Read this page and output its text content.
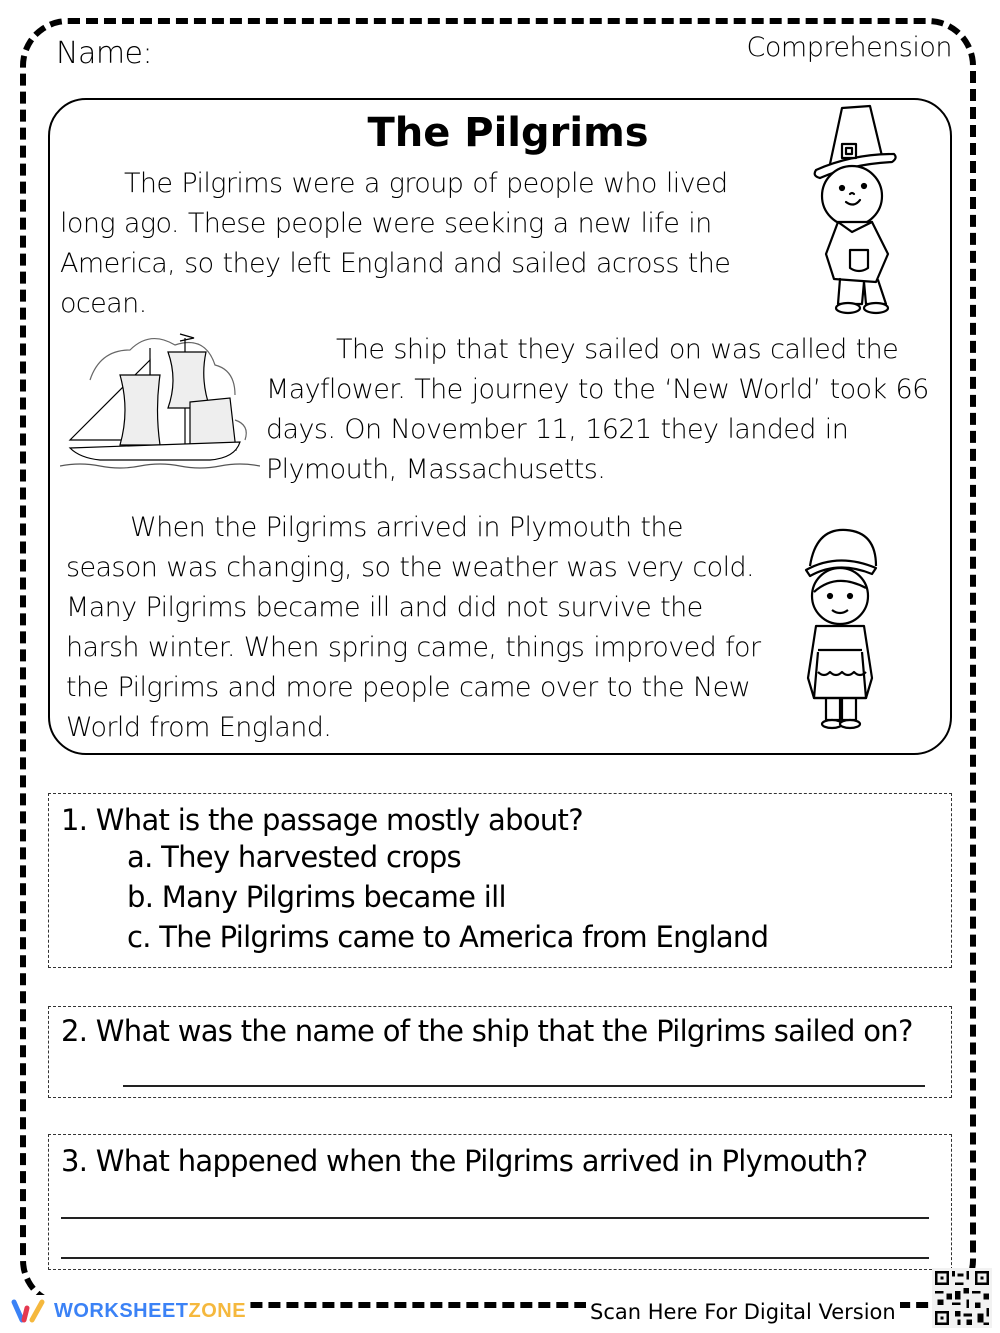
Name:	Comprehension
The Pilgrims
The Pilgrims were a group of people who lived long ago. These people were seeking a new life in America, so they left England and sailed across the ocean.
The ship that they sailed on was called the Mayflower. The journey to the ‘New World’ took 66 days. On November 11, 1621 they landed in Plymouth, Massachusetts.
When the Pilgrims arrived in Plymouth the season was changing, so the weather was very cold. Many Pilgrims became ill and did not survive the harsh winter. When spring came, things improved for the Pilgrims and more people came over to the New World from England.
1. What is the passage mostly about?
a. They harvested crops
b. Many Pilgrims became ill
c. The Pilgrims came to America from England
2. What was the name of the ship that the Pilgrims sailed on?
3. What happened when the Pilgrims arrived in Plymouth?
WORKSHEETZONE	Scan Here For Digital Version
